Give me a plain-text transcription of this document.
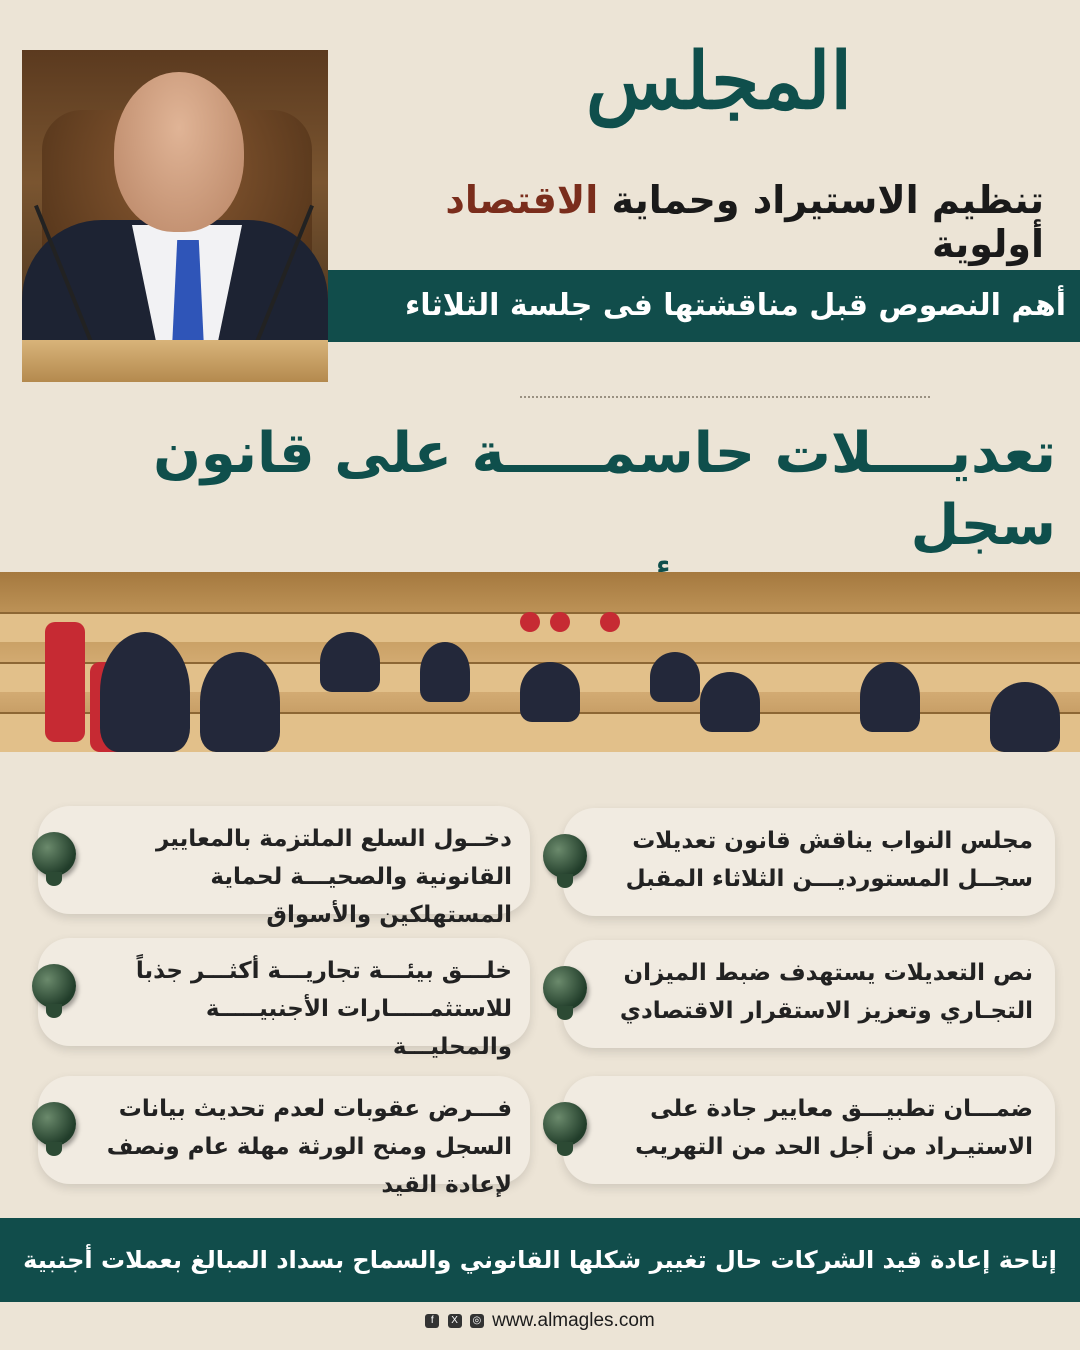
المجلس
تنظيم الاستيراد وحماية الاقتصاد أولوية
أهم النصوص قبل مناقشتها فى جلسة الثلاثاء
تعديــــلات حاسمـــــة على قانون سجل
مجلس النواب يناقش قانون تعديلات سجــل المستورديـــن الثلاثاء المقبل
نص التعديلات يستهدف ضبط الميزان التجـاري وتعزيز الاستقرار الاقتصادي
ضمـــان تطبيـــق معايير جادة على الاستيـراد من أجل الحد من التهريب
دخــول السلع الملتزمة بالمعايير القانونية والصحيـــة لحماية المستهلكين والأسواق
خلـــق بيئـــة تجاريـــة أكثـــر جذباً للاستثمـــــارات الأجنبيـــــة والمحليـــة
فـــرض عقوبات لعدم تحديث بيانات السجل ومنح الورثة مهلة عام ونصف لإعادة القيد
إتاحة إعادة قيد الشركات حال تغيير شكلها القانوني والسماح بسداد المبالغ بعملات أجنبية
f X ◎ www.almagles.com
